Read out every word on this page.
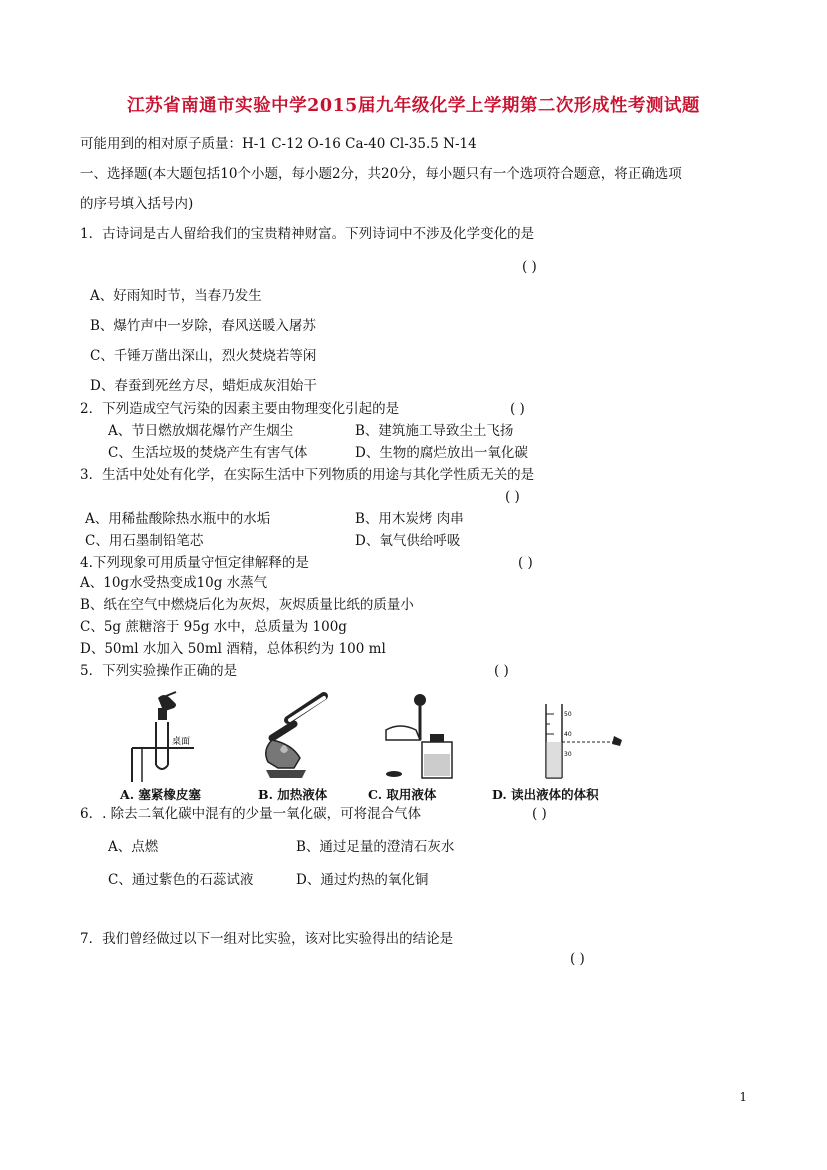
江苏省南通市实验中学2015届九年级化学上学期第二次形成性考测试题
可能用到的相对原子质量：H-1 C-12 O-16 Ca-40 Cl-35.5 N-14
一、选择题(本大题包括10个小题，每小题2分，共20分，每小题只有一个选项符合题意，将正确选项
的序号填入括号内)
1．古诗词是古人留给我们的宝贵精神财富。下列诗词中不涉及化学变化的是
( )
A、好雨知时节，当春乃发生
B、爆竹声中一岁除，春风送暖入屠苏
C、千锤万凿出深山，烈火焚烧若等闲
D、春蚕到死丝方尽，蜡炬成灰泪始干
2．下列造成空气污染的因素主要由物理变化引起的是	( )
A、节日燃放烟花爆竹产生烟尘	B、建筑施工导致尘土飞扬
C、生活垃圾的焚烧产生有害气体	D、生物的腐烂放出一氧化碳
3．生活中处处有化学，在实际生活中下列物质的用途与其化学性质无关的是
( )
A、用稀盐酸除热水瓶中的水垢	B、用木炭烤 肉串
C、用石墨制铅笔芯	D、氧气供给呼吸
4.下列现象可用质量守恒定律解释的是	( )
A、10g水受热变成10g 水蒸气
B、纸在空气中燃烧后化为灰烬，灰烬质量比纸的质量小
C、5g 蔗糖溶于 95g 水中，总质量为 100g
D、50ml 水加入 50ml 酒精，总体积约为 100 ml
5．下列实验操作正确的是	( )
桌面
50
40
30
A. 塞紧橡皮塞	B. 加热液体	C. 取用液体	D. 读出液体的体积
6．. 除去二氧化碳中混有的少量一氧化碳，可将混合气体	( )
A、点燃	B、通过足量的澄清石灰水
C、通过紫色的石蕊试液	D、通过灼热的氧化铜
7．我们曾经做过以下一组对比实验，该对比实验得出的结论是
( )
1
